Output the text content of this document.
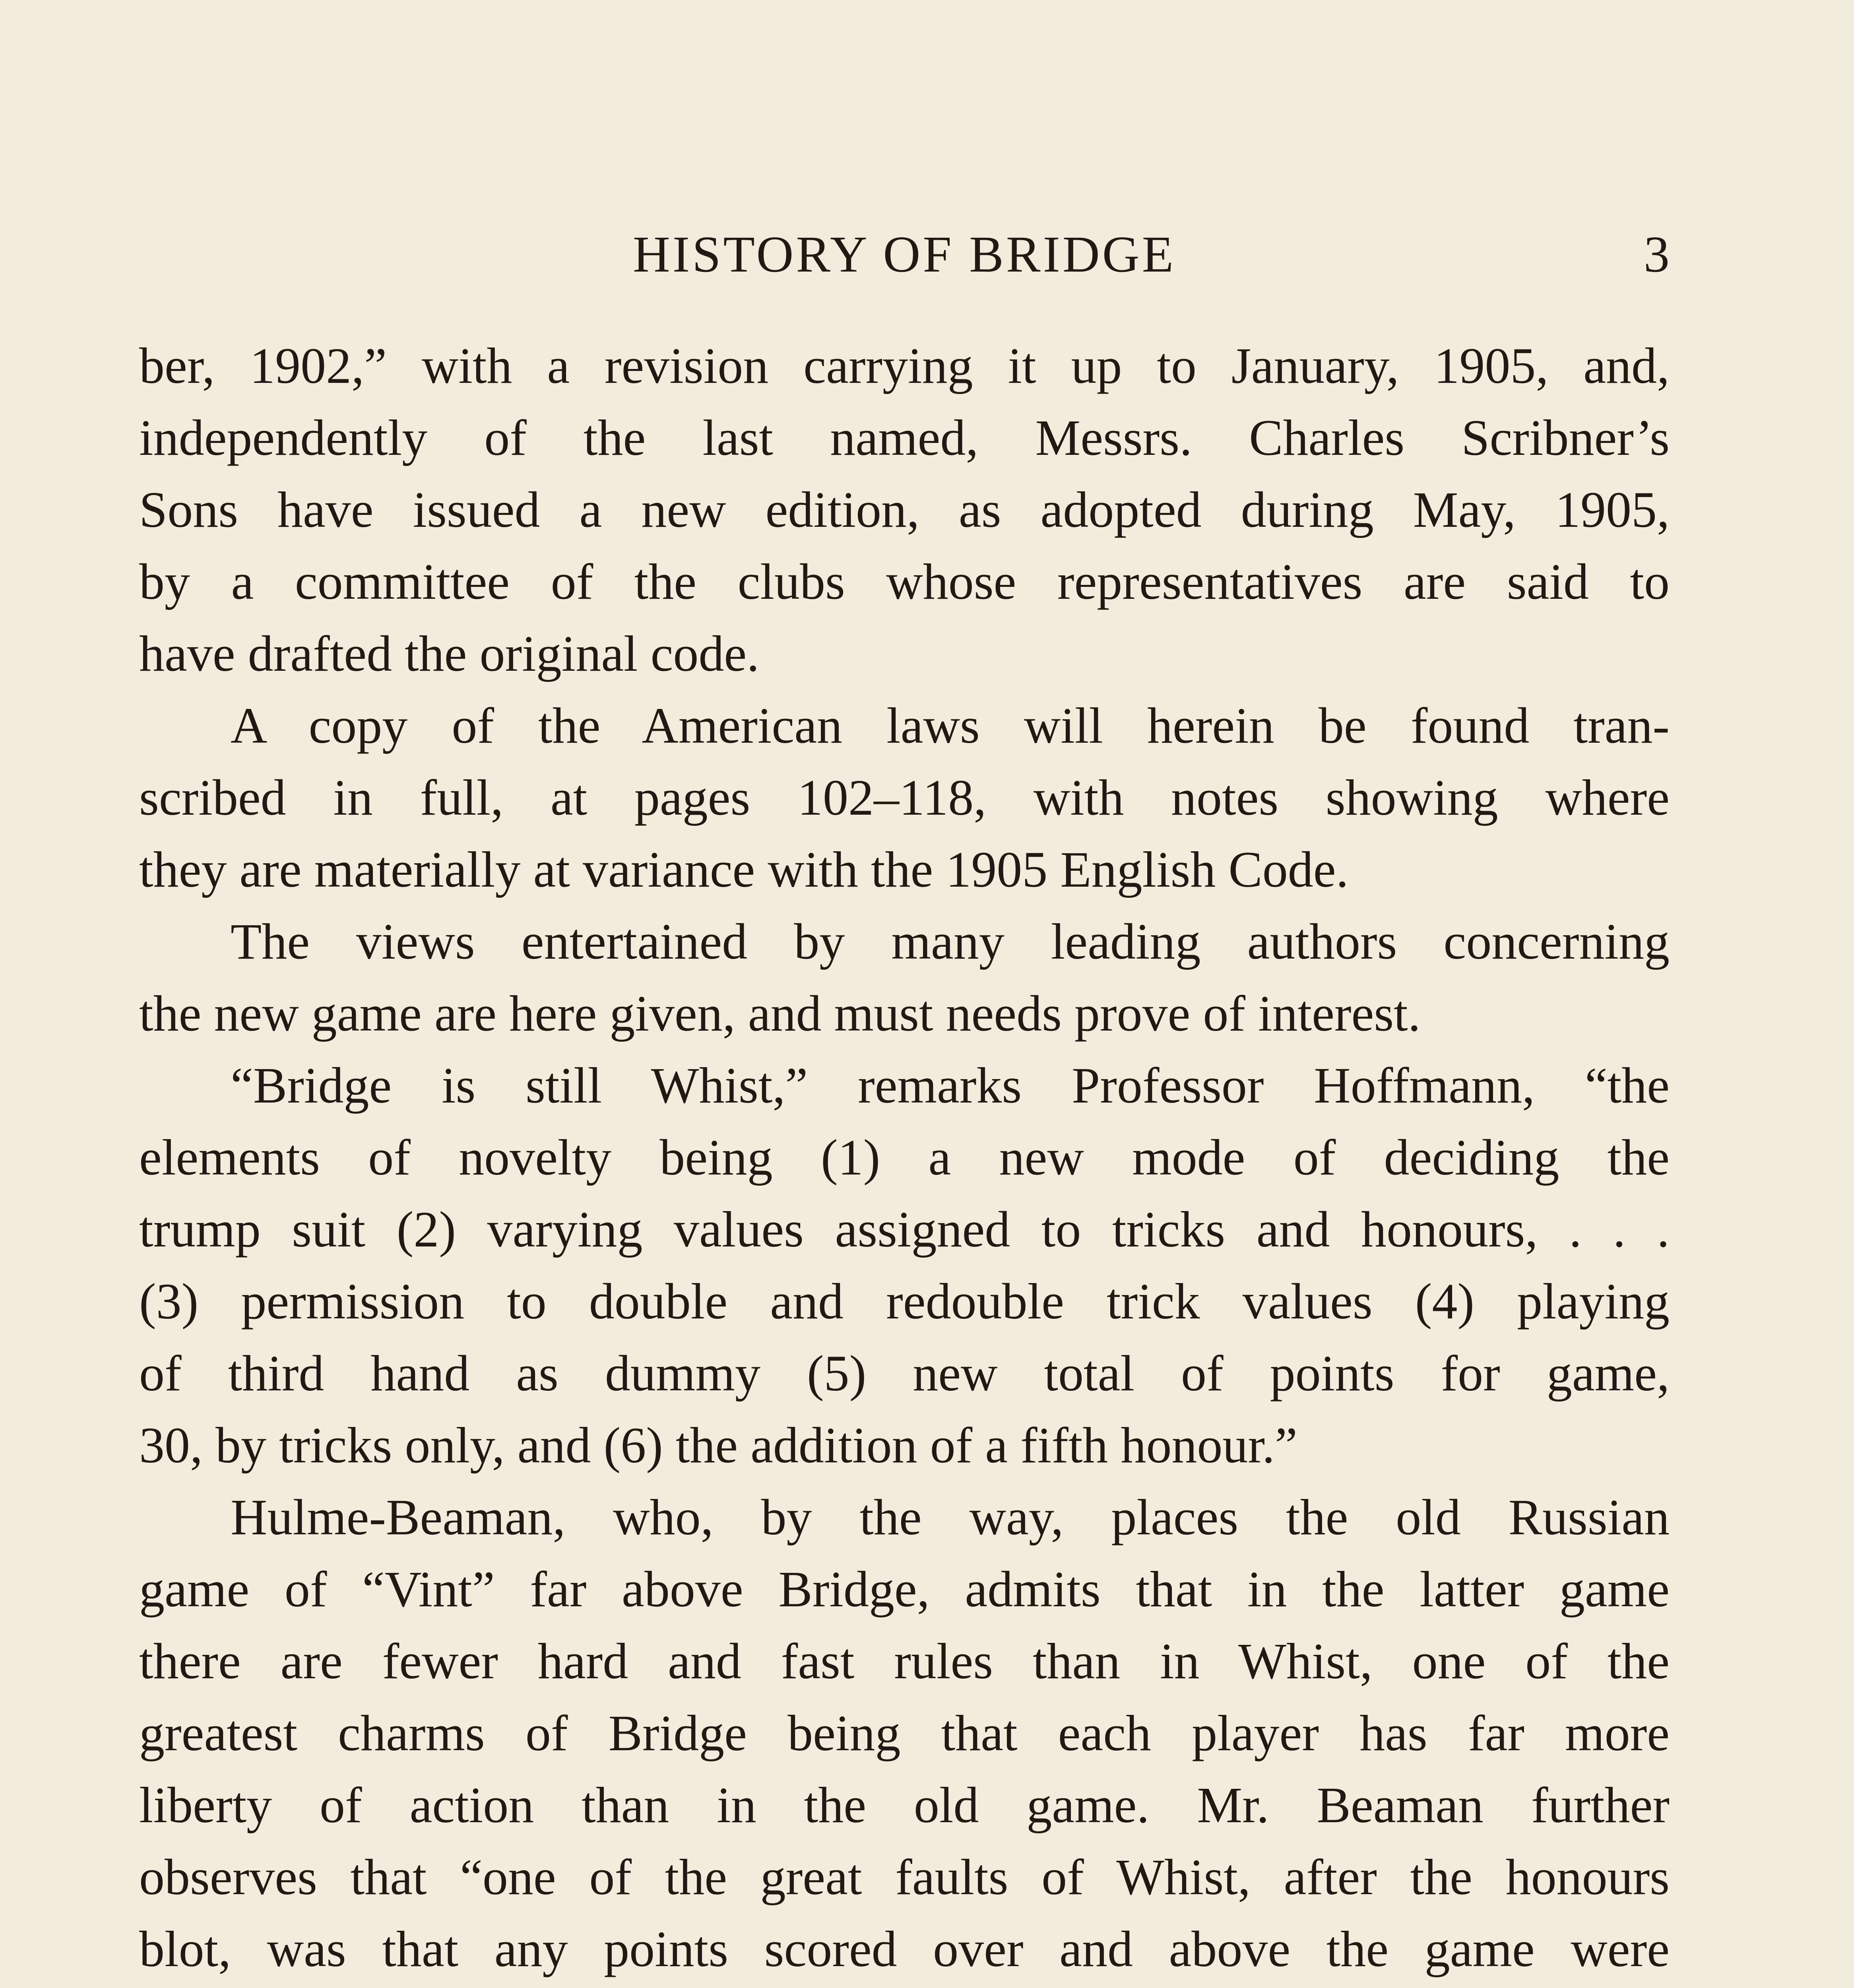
HISTORY OF BRIDGE	3
ber, 1902,” with a revision carrying it up to January, 1905, and,
independently of the last named, Messrs. Charles Scribner’s
Sons have issued a new edition, as adopted during May, 1905,
by a committee of the clubs whose representatives are said to
have drafted the original code.
A copy of the American laws will herein be found tran-
scribed in full, at pages 102–118, with notes showing where
they are materially at variance with the 1905 English Code.
The views entertained by many leading authors concerning
the new game are here given, and must needs prove of interest.
“Bridge is still Whist,” remarks Professor Hoffmann, “the
elements of novelty being (1) a new mode of deciding the
trump suit (2) varying values assigned to tricks and honours, . . .
(3) permission to double and redouble trick values (4) playing
of third hand as dummy (5) new total of points for game,
30, by tricks only, and (6) the addition of a fifth honour.”
Hulme-Beaman, who, by the way, places the old Russian
game of “Vint” far above Bridge, admits that in the latter game
there are fewer hard and fast rules than in Whist, one of the
greatest charms of Bridge being that each player has far more
liberty of action than in the old game. Mr. Beaman further
observes that “one of the great faults of Whist, after the honours
blot, was that any points scored over and above the game were
